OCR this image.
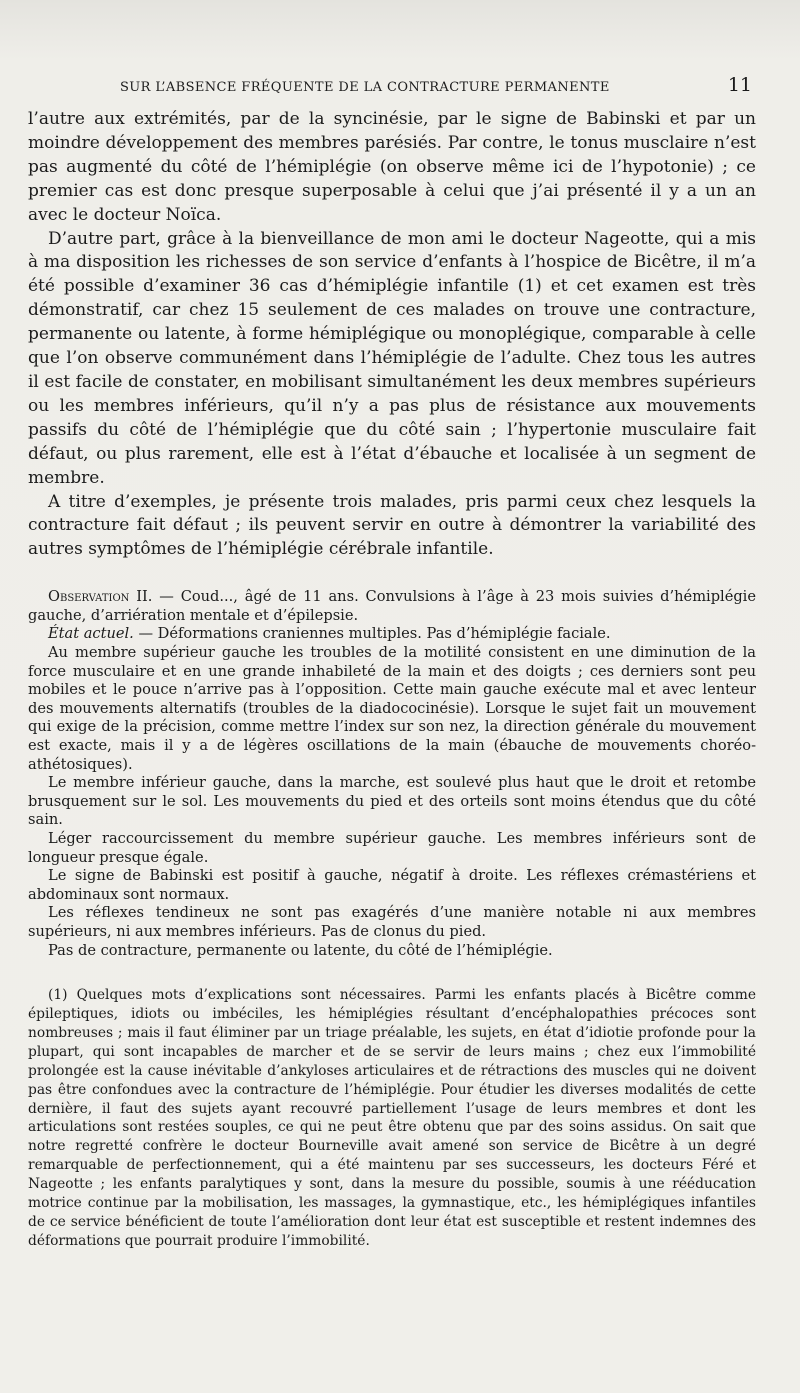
SUR L’ABSENCE FRÉQUENTE DE LA CONTRACTURE PERMANENTE	11

l’autre aux extrémités, par de la syncinésie, par le signe de Babinski et par un moindre développement des membres parésiés. Par contre, le tonus musclaire n’est pas augmenté du côté de l’hémiplégie (on observe même ici de l’hypotonie) ; ce premier cas est donc presque superposable à celui que j’ai présenté il y a un an avec le docteur Noïca.

D’autre part, grâce à la bienveillance de mon ami le docteur Nageotte, qui a mis à ma disposition les richesses de son service d’enfants à l’hospice de Bicêtre, il m’a été possible d’examiner 36 cas d’hémiplégie infantile (1) et cet examen est très démonstratif, car chez 15 seulement de ces malades on trouve une contracture, permanente ou latente, à forme hémiplégique ou monoplégique, comparable à celle que l’on observe communément dans l’hémiplégie de l’adulte. Chez tous les autres il est facile de constater, en mobilisant simultanément les deux membres supérieurs ou les membres inférieurs, qu’il n’y a pas plus de résistance aux mouvements passifs du côté de l’hémiplégie que du côté sain ; l’hypertonie musculaire fait défaut, ou plus rarement, elle est à l’état d’ébauche et localisée à un segment de membre.

A titre d’exemples, je présente trois malades, pris parmi ceux chez lesquels la contracture fait défaut ; ils peuvent servir en outre à démontrer la variabilité des autres symptômes de l’hémiplégie cérébrale infantile.

Observation II. — Coud..., âgé de 11 ans. Convulsions à l’âge à 23 mois suivies d’hémiplégie gauche, d’arriération mentale et d’épilepsie.

État actuel. — Déformations craniennes multiples. Pas d’hémiplégie faciale.

Au membre supérieur gauche les troubles de la motilité consistent en une diminution de la force musculaire et en une grande inhabileté de la main et des doigts ; ces derniers sont peu mobiles et le pouce n’arrive pas à l’opposition. Cette main gauche exécute mal et avec lenteur des mouvements alternatifs (troubles de la diadococinésie). Lorsque le sujet fait un mouvement qui exige de la précision, comme mettre l’index sur son nez, la direction générale du mouvement est exacte, mais il y a de légères oscillations de la main (ébauche de mouvements choréo-athétosiques).

Le membre inférieur gauche, dans la marche, est soulevé plus haut que le droit et retombe brusquement sur le sol. Les mouvements du pied et des orteils sont moins étendus que du côté sain.

Léger raccourcissement du membre supérieur gauche. Les membres inférieurs sont de longueur presque égale.

Le signe de Babinski est positif à gauche, négatif à droite. Les réflexes crémastériens et abdominaux sont normaux.

Les réflexes tendineux ne sont pas exagérés d’une manière notable ni aux membres supérieurs, ni aux membres inférieurs. Pas de clonus du pied.

Pas de contracture, permanente ou latente, du côté de l’hémiplégie.

(1) Quelques mots d’explications sont nécessaires. Parmi les enfants placés à Bicêtre comme épileptiques, idiots ou imbéciles, les hémiplégies résultant d’encéphalopathies précoces sont nombreuses ; mais il faut éliminer par un triage préalable, les sujets, en état d’idiotie profonde pour la plupart, qui sont incapables de marcher et de se servir de leurs mains ; chez eux l’immobilité prolongée est la cause inévitable d’ankyloses articulaires et de rétractions des muscles qui ne doivent pas être confondues avec la contracture de l’hémiplégie. Pour étudier les diverses modalités de cette dernière, il faut des sujets ayant recouvré partiellement l’usage de leurs membres et dont les articulations sont restées souples, ce qui ne peut être obtenu que par des soins assidus. On sait que notre regretté confrère le docteur Bourneville avait amené son service de Bicêtre à un degré remarquable de perfectionnement, qui a été maintenu par ses successeurs, les docteurs Féré et Nageotte ; les enfants paralytiques y sont, dans la mesure du possible, soumis à une rééducation motrice continue par la mobilisation, les massages, la gymnastique, etc., les hémiplégiques infantiles de ce service bénéficient de toute l’amélioration dont leur état est susceptible et restent indemnes des déformations que pourrait produire l’immobilité.
